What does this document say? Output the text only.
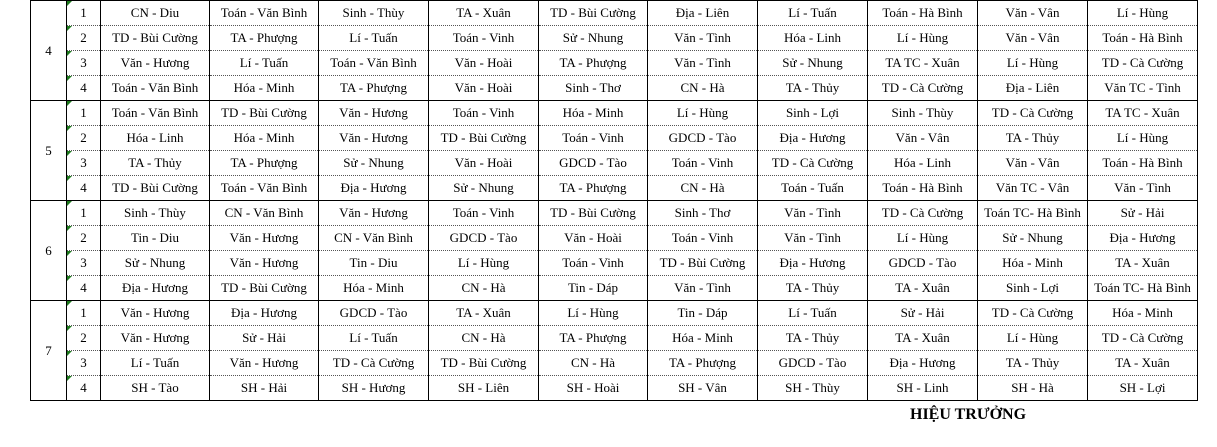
4	1	CN - Diu	Toán - Văn Bình	Sinh - Thùy	TA - Xuân	TD - Bùi Cường	Địa - Liên	Lí - Tuấn	Toán - Hà Bình	Văn - Vân	Lí - Hùng
	2	TD - Bùi Cường	TA - Phượng	Lí - Tuấn	Toán - Vinh	Sử - Nhung	Văn - Tình	Hóa - Linh	Lí - Hùng	Văn - Vân	Toán - Hà Bình
	3	Văn - Hương	Lí - Tuấn	Toán - Văn Bình	Văn - Hoài	TA - Phượng	Văn - Tình	Sử - Nhung	TA TC - Xuân	Lí - Hùng	TD - Cà Cường
	4	Toán - Văn Bình	Hóa - Minh	TA - Phượng	Văn - Hoài	Sinh - Thơ	CN - Hà	TA - Thủy	TD - Cà Cường	Địa - Liên	Văn TC - Tình
5	1	Toán - Văn Bình	TD - Bùi Cường	Văn - Hương	Toán - Vinh	Hóa - Minh	Lí - Hùng	Sinh - Lợi	Sinh - Thùy	TD - Cà Cường	TA TC - Xuân
	2	Hóa - Linh	Hóa - Minh	Văn - Hương	TD - Bùi Cường	Toán - Vinh	GDCD - Tào	Địa - Hương	Văn - Vân	TA - Thủy	Lí - Hùng
	3	TA - Thủy	TA - Phượng	Sử - Nhung	Văn - Hoài	GDCD - Tào	Toán - Vinh	TD - Cà Cường	Hóa - Linh	Văn - Vân	Toán - Hà Bình
	4	TD - Bùi Cường	Toán - Văn Bình	Địa - Hương	Sử - Nhung	TA - Phượng	CN - Hà	Toán - Tuấn	Toán - Hà Bình	Văn TC - Vân	Văn - Tình
6	1	Sinh - Thùy	CN - Văn Bình	Văn - Hương	Toán - Vinh	TD - Bùi Cường	Sinh - Thơ	Văn - Tình	TD - Cà Cường	Toán TC- Hà Bình	Sử - Hải
	2	Tin - Diu	Văn - Hương	CN - Văn Bình	GDCD - Tào	Văn - Hoài	Toán - Vinh	Văn - Tình	Lí - Hùng	Sử - Nhung	Địa - Hương
	3	Sử - Nhung	Văn - Hương	Tin - Diu	Lí - Hùng	Toán - Vinh	TD - Bùi Cường	Địa - Hương	GDCD - Tào	Hóa - Minh	TA - Xuân
	4	Địa - Hương	TD - Bùi Cường	Hóa - Minh	CN - Hà	Tin - Dáp	Văn - Tình	TA - Thủy	TA - Xuân	Sinh - Lợi	Toán TC- Hà Bình
7	1	Văn - Hương	Địa - Hương	GDCD - Tào	TA - Xuân	Lí - Hùng	Tin - Dáp	Lí - Tuấn	Sử - Hải	TD - Cà Cường	Hóa - Minh
	2	Văn - Hương	Sử - Hải	Lí - Tuấn	CN - Hà	TA - Phượng	Hóa - Minh	TA - Thủy	TA - Xuân	Lí - Hùng	TD - Cà Cường
	3	Lí - Tuấn	Văn - Hương	TD - Cà Cường	TD - Bùi Cường	CN - Hà	TA - Phượng	GDCD - Tào	Địa - Hương	TA - Thủy	TA - Xuân
	4	SH - Tào	SH - Hải	SH - Hương	SH - Liên	SH - Hoài	SH - Vân	SH - Thùy	SH - Linh	SH - Hà	SH - Lợi
HIỆU TRƯỞNG
